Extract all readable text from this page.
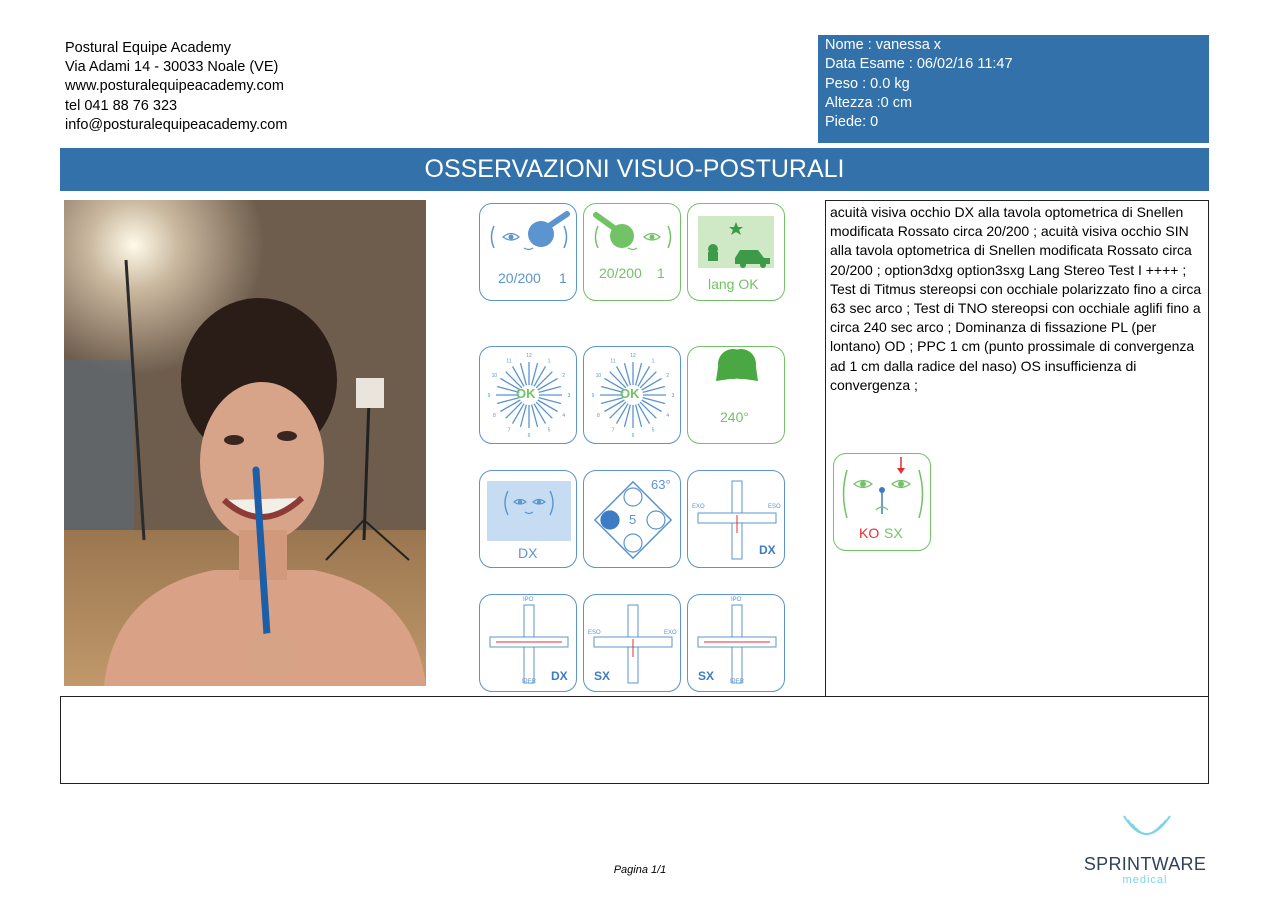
Postural Equipe Academy
Via Adami 14 - 30033 Noale (VE)
www.posturalequipeacademy.com
tel 041 88 76 323
info@posturalequipeacademy.com
Nome : vanessa x
Data Esame : 06/02/16 11:47
Peso : 0.0 kg
Altezza :0 cm
Piede: 0
OSSERVAZIONI VISUO-POSTURALI
20/200 1 20/200 1
lang OK
12
1
2
3
4
5
6
7
8
9
10
11
OK
12
1
2
3
4
5
6
7
8
9
10
11
OK
240°
DX
63°
5
EXO	ESO
DX
IPO
IPER DX
ESO	EXO
SX
IPO
IPER
SX
acuità visiva occhio DX alla tavola optometrica di Snellen modificata Rossato circa 20/200 ; acuità visiva occhio SIN alla tavola optometrica di Snellen modificata Rossato circa 20/200 ; option3dxg option3sxg Lang Stereo Test I ++++ ; Test di Titmus stereopsi con occhiale polarizzato fino a circa 63 sec arco ; Test di TNO stereopsi con occhiale aglifi fino a circa 240 sec arco ; Dominanza di fissazione PL (per lontano) OD ; PPC 1 cm (punto prossimale di convergenza ad 1 cm dalla radice del naso) OS insufficienza di convergenza ;
KO SX
Pagina 1/1	SPRINTWARE
medical
